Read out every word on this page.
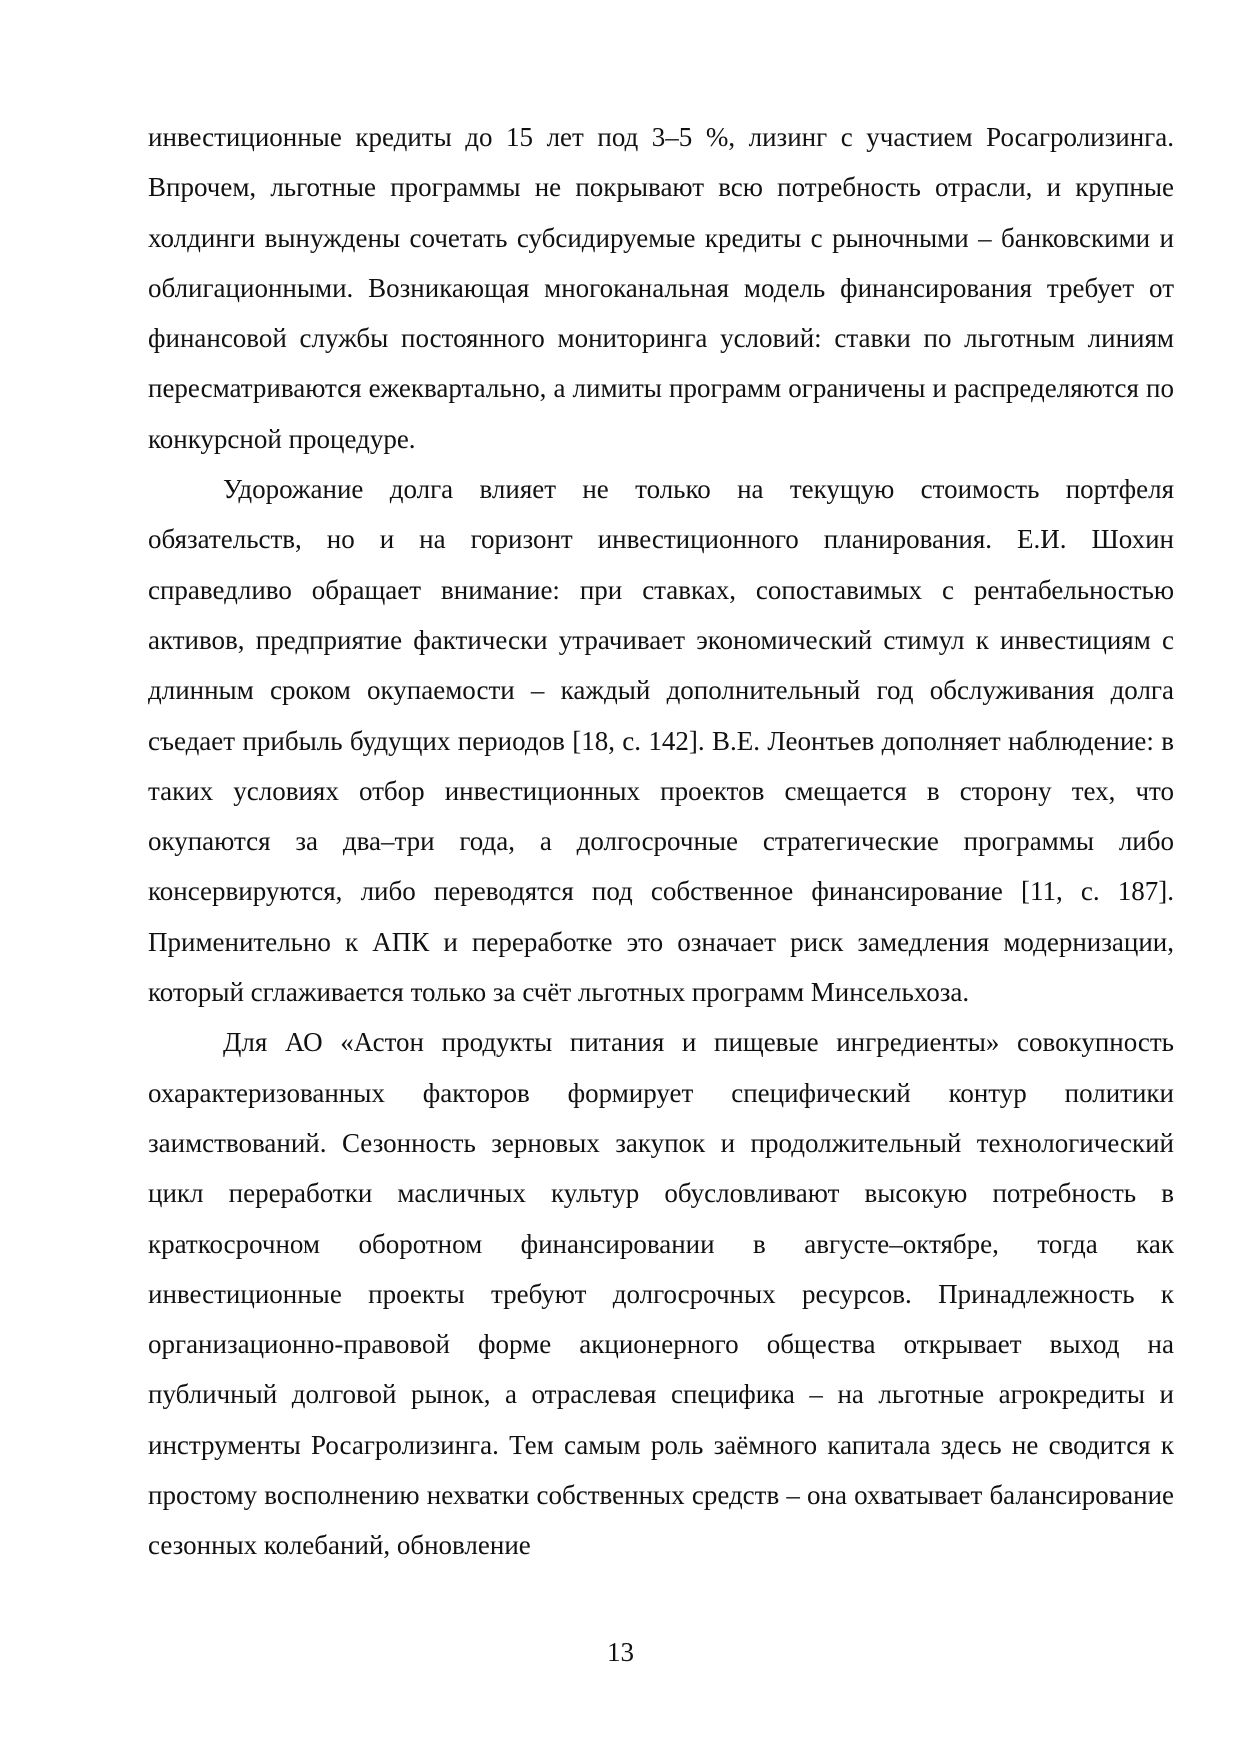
инвестиционные кредиты до 15 лет под 3–5 %, лизинг с участием Росагролизинга. Впрочем, льготные программы не покрывают всю потребность отрасли, и крупные холдинги вынуждены сочетать субсидируемые кредиты с рыночными – банковскими и облигационными. Возникающая многоканальная модель финансирования требует от финансовой службы постоянного мониторинга условий: ставки по льготным линиям пересматриваются ежеквартально, а лимиты программ ограничены и распределяются по конкурсной процедуре.

Удорожание долга влияет не только на текущую стоимость портфеля обязательств, но и на горизонт инвестиционного планирования. Е.И. Шохин справедливо обращает внимание: при ставках, сопоставимых с рентабельностью активов, предприятие фактически утрачивает экономический стимул к инвестициям с длинным сроком окупаемости – каждый дополнительный год обслуживания долга съедает прибыль будущих периодов [18, с. 142]. В.Е. Леонтьев дополняет наблюдение: в таких условиях отбор инвестиционных проектов смещается в сторону тех, что окупаются за два–три года, а долгосрочные стратегические программы либо консервируются, либо переводятся под собственное финансирование [11, с. 187]. Применительно к АПК и переработке это означает риск замедления модернизации, который сглаживается только за счёт льготных программ Минсельхоза.

Для АО «Астон продукты питания и пищевые ингредиенты» совокупность охарактеризованных факторов формирует специфический контур политики заимствований. Сезонность зерновых закупок и продолжительный технологический цикл переработки масличных культур обусловливают высокую потребность в краткосрочном оборотном финансировании в августе–октябре, тогда как инвестиционные проекты требуют долгосрочных ресурсов. Принадлежность к организационно-правовой форме акционерного общества открывает выход на публичный долговой рынок, а отраслевая специфика – на льготные агрокредиты и инструменты Росагролизинга. Тем самым роль заёмного капитала здесь не сводится к простому восполнению нехватки собственных средств – она охватывает балансирование сезонных колебаний, обновление

13
